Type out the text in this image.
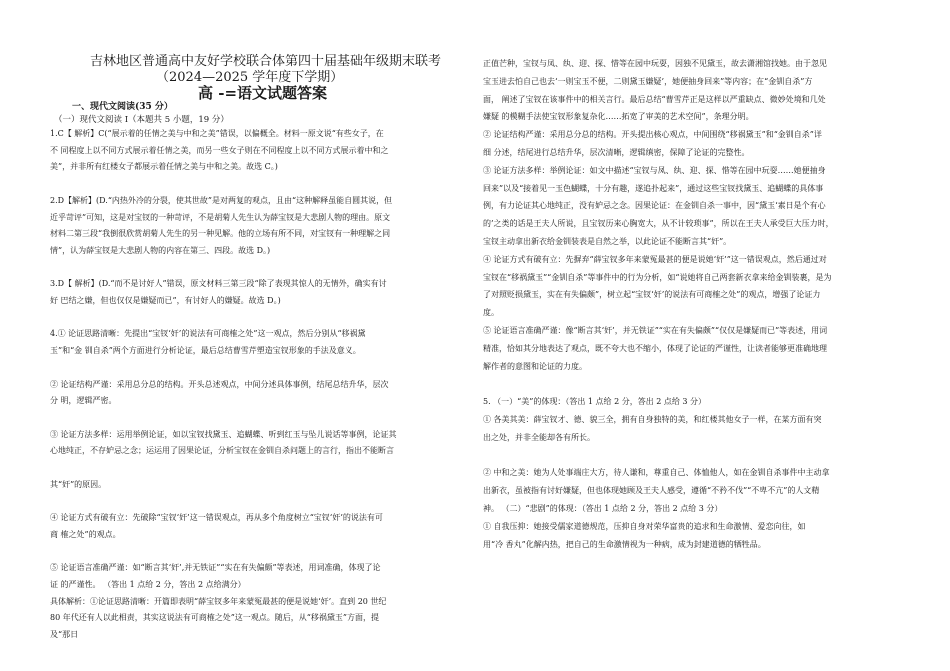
吉林地区普通高中友好学校联合体第四十届基础年级期末联考
（2024—2025 学年度下学期）
高 -=语文试题答案
一、现代文阅读(35 分）
（一）现代文阅读 I（本题共 5 小题，19 分）
1.C【 解析】C(“展示着的任情之美与中和之美”错误，以偏概全。材料一原文说“有些女子，在
不 同程度上以不同方式展示着任情之美，而另一些女子则在不同程度上以不同方式展示着中和之
美”，并非所有红楼女子都展示着任情之美与中和之美。故选 C。)
2.D【解析】(D.“内热外冷的分裂，使其世故”是对两复的观点，且由“这种解释虽能自圆其说，但
近乎苛评”可知，这是对宝钗的一种苛评，不是胡菊人先生认为薛宝钗是大悲剧人物的理由。原文
材料二第三段“我倒很欣赏胡菊人先生的另一种见解。他的立场有所不同，对宝钗有一种理解之同
情”，认为薛宝钗是大悲剧人物的内容在第三、四段。故选 D。)
3.D【 解析】(D.“而不是讨好人”错误，原文材料三第三段“除了表现其惊人的无情外，确实有讨
好 巴结之嫌，但也仅仅是嫌疑而已”，有讨好人的嫌疑。故选 D。)
4.① 论证思路清晰：先提出“宝钗‘奸’的说法有可商榷之处”这一观点，然后分别从“移祸黛
玉”和“金 钏自杀”两个方面进行分析论证，最后总结曹雪芹塑造宝钗形象的手法及意义。
② 论证结构严谨：采用总分总的结构。开头总述观点，中间分述具体事例，结尾总结升华，层次
分 明，逻辑严密。
③ 论证方法多样：运用举例论证，如以宝钗找黛玉、追蝴蝶、听到红玉与坠儿说话等事例，论证其
心地纯正，不存妒忌之念；运运用了因果论证，分析宝钗在金钏自杀问题上的言行，指出不能断言
其“奸”的原因。
④ 论证方式有破有立：先破除“宝钗‘奸’这一错误观点，再从多个角度树立“宝钗‘奸’的说法有可
商 榷之处”的观点。
⑤ 论证语言准确严谨：如“断言其‘奸’,并无铁证”“实在有失偏颇”等表述，用词准确，体现了论
证 的严谨性。 （答出 1 点给 2 分，答出 2 点给满分）
具体解析：①论证思路清晰：开篇即表明“薛宝钗多年来蒙冤最甚的便是说她‘奸’。直到 20 世纪
80 年代还有人以此相责，其实这说法有可商榷之处”这一观点。随后，从“移祸黛玉”方面，提
及“那日
正值芒种，宝钗与凤、纨、迎、探、惜等在园中玩耍，因独不见黛玉，故去潇湘馆找她。由于忽见
宝玉进去怕自己也去‘一则宝玉不便，二则黛玉嫌疑’，她便抽身回来”等内容；在“金钏自杀”方
面， 阐述了宝钗在该事件中的相关言行。最后总结“曹雪芹正是这样以严重缺点、微妙处境和几处
嫌疑 的模糊手法使宝钗形象复杂化……拓宽了审美的艺术空间”，条理分明。
② 论证结构严谨：采用总分总的结构。开头提出核心观点，中间围绕“移祸黛玉”和“金钏自杀”详
细 分述，结尾进行总结升华，层次清晰，逻辑缜密，保障了论证的完整性。
③ 论证方法多样：举例论证：如文中描述“宝钗与凤、纨、迎、探、惜等在园中玩耍……她便抽身
回来”以及“接着见一玉色蝴蝶，十分有趣，遂追扑起来”，通过这些宝钗找黛玉、追蝴蝶的具体事
例，有力论证其心地纯正，没有妒忌之念。因果论证：在金钏自杀一事中，因“黛玉‘素日是个有心
的’之类的话是王夫人所说，且宝钗历来心胸宽大，从不计较琐事”，所以在王夫人承受巨大压力时，
宝钗主动拿出新衣给金钏装表是自然之举，以此论证不能断言其“奸”。
④ 论证方式有破有立：先摒弃“薛宝钗多年来蒙冤最甚的便是说她‘奸’”这一错误观点，然后通过对
宝钗在“移祸黛玉”“金钏自杀”等事件中的行为分析，如“说她将自己两套新衣拿来给金钏装裹，是为
了对照贬损黛玉，实在有失偏颇”，树立起“宝钗‘奸’的说法有可商榷之处”的观点，增强了论证力
度。
⑤ 论证语言准确严谨：像“断言其‘奸’，并无铁证”“实在有失偏颇”“仅仅是嫌疑而已”等表述，用词
精准，恰如其分地表达了观点，既不夸大也不缩小，体现了论证的严谨性，让读者能够更准确地理
解作者的意图和论证的力度。
5. （一）“美”的体现：（答出 1 点给 2 分，答出 2 点给 3 分）
① 各美其美：薛宝钗才、德、貌三全，拥有自身独特的美，和红楼其他女子一样，在某方面有突
出之处，并非全能却各有所长。
② 中和之美：她为人处事端庄大方，待人谦和，尊重自己、体恤他人，如在金钏自杀事件中主动拿
出新衣，虽被指有讨好嫌疑，但也体现她顾及王夫人感受，遵循“不矜不伐”“不卑不亢”的人文精
神。 （二）“悲剧”的体现：（答出 1 点给 2 分，答出 2 点给 3 分）
① 自我压抑：她接受儒家道德规范，压抑自身对荣华富贵的追求和生命激情、爱恋向往，如
用“冷 香丸”化解内热，把自己的生命激情视为一种病，成为封建道德的牺牲品。
